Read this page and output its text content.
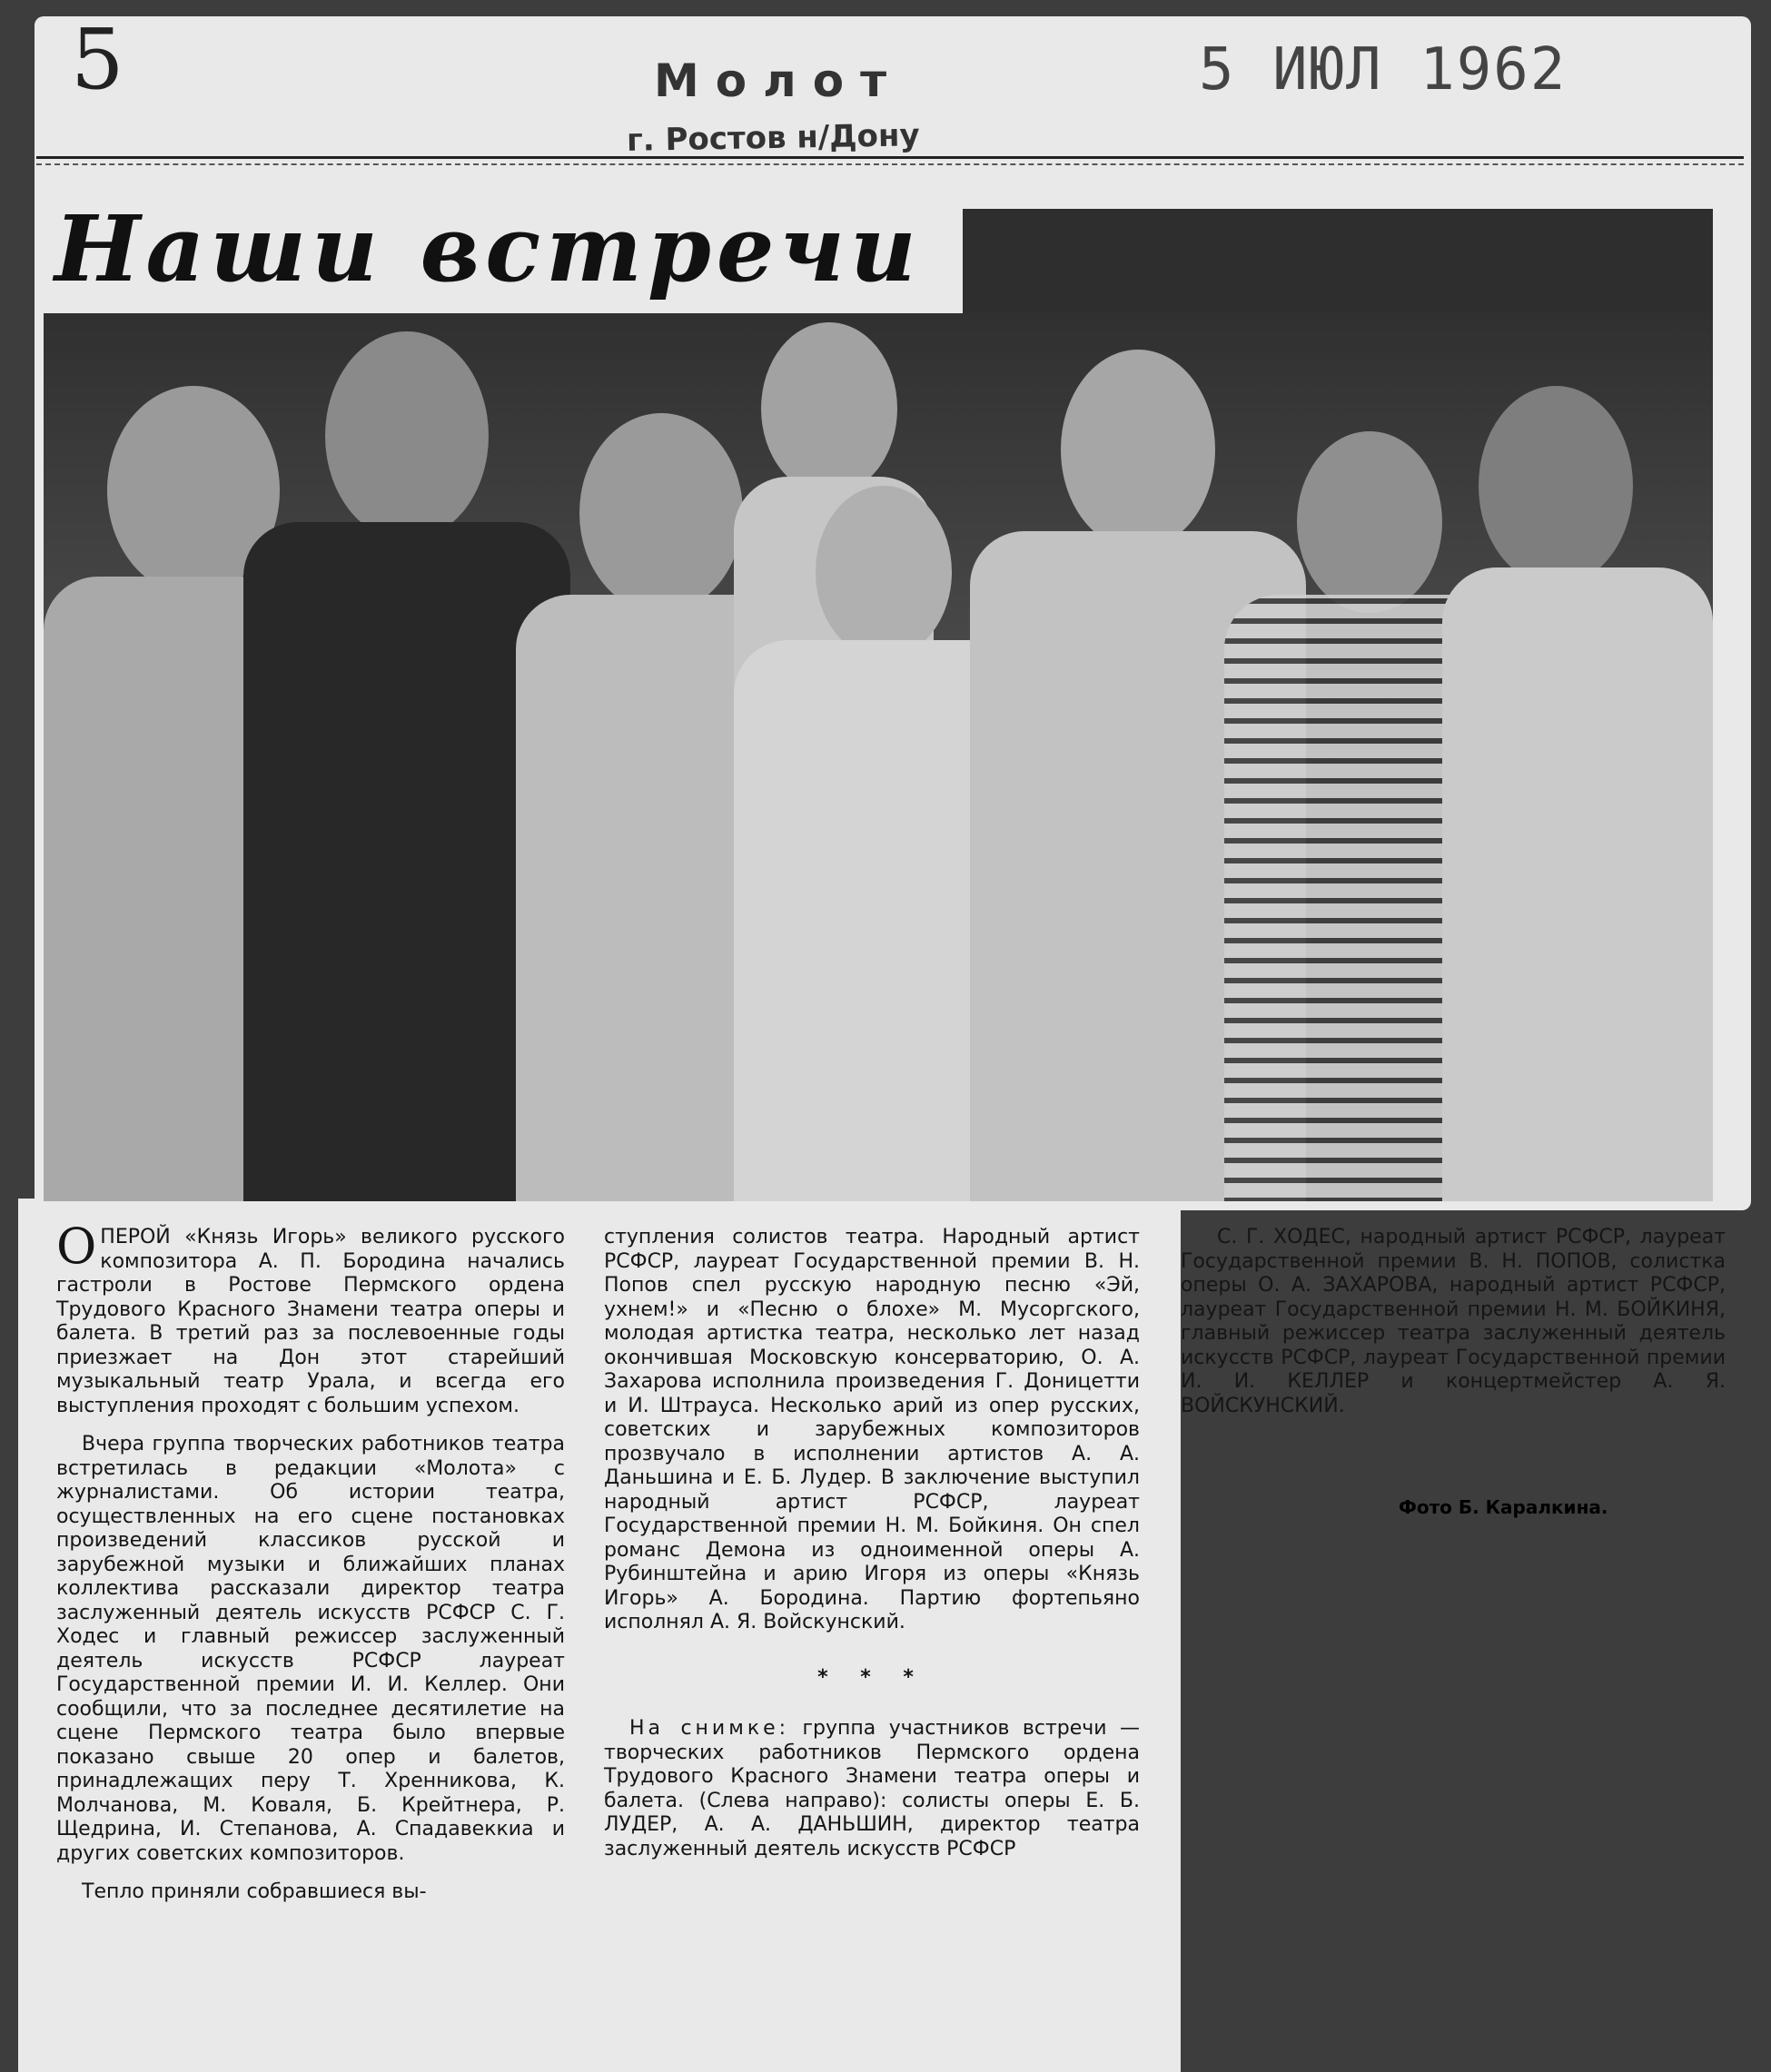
5	Молот
г. Ростов н/Дону
5 ИЮЛ 1962
Наши встречи

ОПЕРОЙ «Князь Игорь» великого русского композитора А. П. Бородина начались гастроли в Ростове Пермского ордена Трудового Красного Знамени театра оперы и балета. В третий раз за послевоенные годы приезжает на Дон этот старейший музыкальный театр Урала, и всегда его выступления проходят с большим успехом.

Вчера группа творческих работников театра встретилась в редакции «Молота» с журналистами. Об истории театра, осуществленных на его сцене постановках произведений классиков русской и зарубежной музыки и ближайших планах коллектива рассказали директор театра заслуженный деятель искусств РСФСР С. Г. Ходес и главный режиссер заслуженный деятель искусств РСФСР лауреат Государственной премии И. И. Келлер. Они сообщили, что за последнее десятилетие на сцене Пермского театра было впервые показано свыше 20 опер и балетов, принадлежащих перу Т. Хренникова, К. Молчанова, М. Коваля, Б. Крейтнера, Р. Щедрина, И. Степанова, А. Спадавеккиа и других советских композиторов.

Тепло приняли собравшиеся вы-

ступления солистов театра. Народный артист РСФСР, лауреат Государственной премии В. Н. Попов спел русскую народную песню «Эй, ухнем!» и «Песню о блохе» М. Мусоргского, молодая артистка театра, несколько лет назад окончившая Московскую консерваторию, О. А. Захарова исполнила произведения Г. Доницетти и И. Штрауса. Несколько арий из опер русских, советских и зарубежных композиторов прозвучало в исполнении артистов А. А. Даньшина и Е. Б. Лудер. В заключение выступил народный артист РСФСР, лауреат Государственной премии Н. М. Бойкиня. Он спел романс Демона из одноименной оперы А. Рубинштейна и арию Игоря из оперы «Князь Игорь» А. Бородина. Партию фортепьяно исполнял А. Я. Войскунский.

* * *

На снимке: группа участников встречи — творческих работников Пермского ордена Трудового Красного Знамени театра оперы и балета. (Слева направо): солисты оперы Е. Б. ЛУДЕР, А. А. ДАНЬШИН, директор театра заслуженный деятель искусств РСФСР

С. Г. ХОДЕС, народный артист РСФСР, лауреат Государственной премии В. Н. ПОПОВ, солистка оперы О. А. ЗАХАРОВА, народный артист РСФСР, лауреат Государственной премии Н. М. БОЙКИНЯ, главный режиссер театра заслуженный деятель искусств РСФСР, лауреат Государственной премии И. И. КЕЛЛЕР и концертмейстер А. Я. ВОЙСКУНСКИЙ.

Фото Б. Каралкина.
